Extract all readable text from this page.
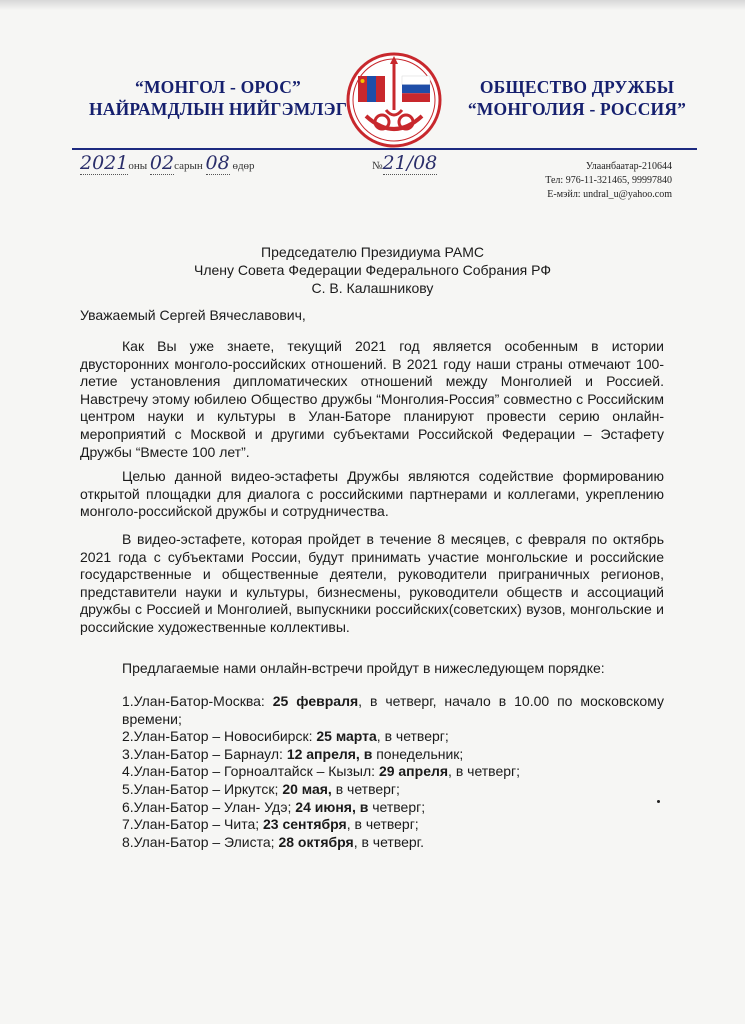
“МОНГОЛ - ОРОС”
НАЙРАМДЛЫН НИЙГЭМЛЭГ
ОБЩЕСТВО ДРУЖБЫ
“МОНГОЛИЯ - РОССИЯ”
2021оны 02сарын 08 өдөр	№21/08	Улаанбаатар-210644
Тел: 976-11-321465, 99997840
Е-мэйл: undral_u@yahoo.com
Председателю Президиума РАМС
Члену Совета Федерации Федерального Собрания РФ
С. В. Калашникову
Уважаемый Сергей Вячеславович,

Как Вы уже знаете, текущий 2021 год является особенным в истории двусторонних монголо-российских отношений. В 2021 году наши страны отмечают 100-летие установления дипломатических отношений между Монголией и Россией. Навстречу этому юбилею Общество дружбы “Монголия-Россия” совместно с Российским центром науки и культуры в Улан-Баторе планируют провести серию онлайн-мероприятий с Москвой и другими субъектами Российской Федерации – Эстафету Дружбы “Вместе 100 лет”.

Целью данной видео-эстафеты Дружбы являются содействие формированию открытой площадки для диалога с российскими партнерами и коллегами, укреплению монголо-российской дружбы и сотрудничества.

В видео-эстафете, которая пройдет в течение 8 месяцев, с февраля по октябрь 2021 года с субъектами России, будут принимать участие монгольские и российские государственные и общественные деятели, руководители приграничных регионов, представители науки и культуры, бизнесмены, руководители обществ и ассоциаций дружбы с Россией и Монголией, выпускники российских(советских) вузов, монгольские и российские художественные коллективы.

Предлагаемые нами онлайн-встречи пройдут в нижеследующем порядке:
1.Улан-Батор-Москва: 25 февраля, в четверг, начало в 10.00 по московскому времени;
2.Улан-Батор – Новосибирск: 25 марта, в четверг;
3.Улан-Батор – Барнаул: 12 апреля, в понедельник;
4.Улан-Батор – Горноалтайск – Кызыл: 29 апреля, в четверг;
5.Улан-Батор – Иркутск; 20 мая, в четверг;
6.Улан-Батор – Улан- Удэ; 24 июня, в четверг;
7.Улан-Батор – Чита; 23 сентября, в четверг;
8.Улан-Батор – Элиста; 28 октября, в четверг.
